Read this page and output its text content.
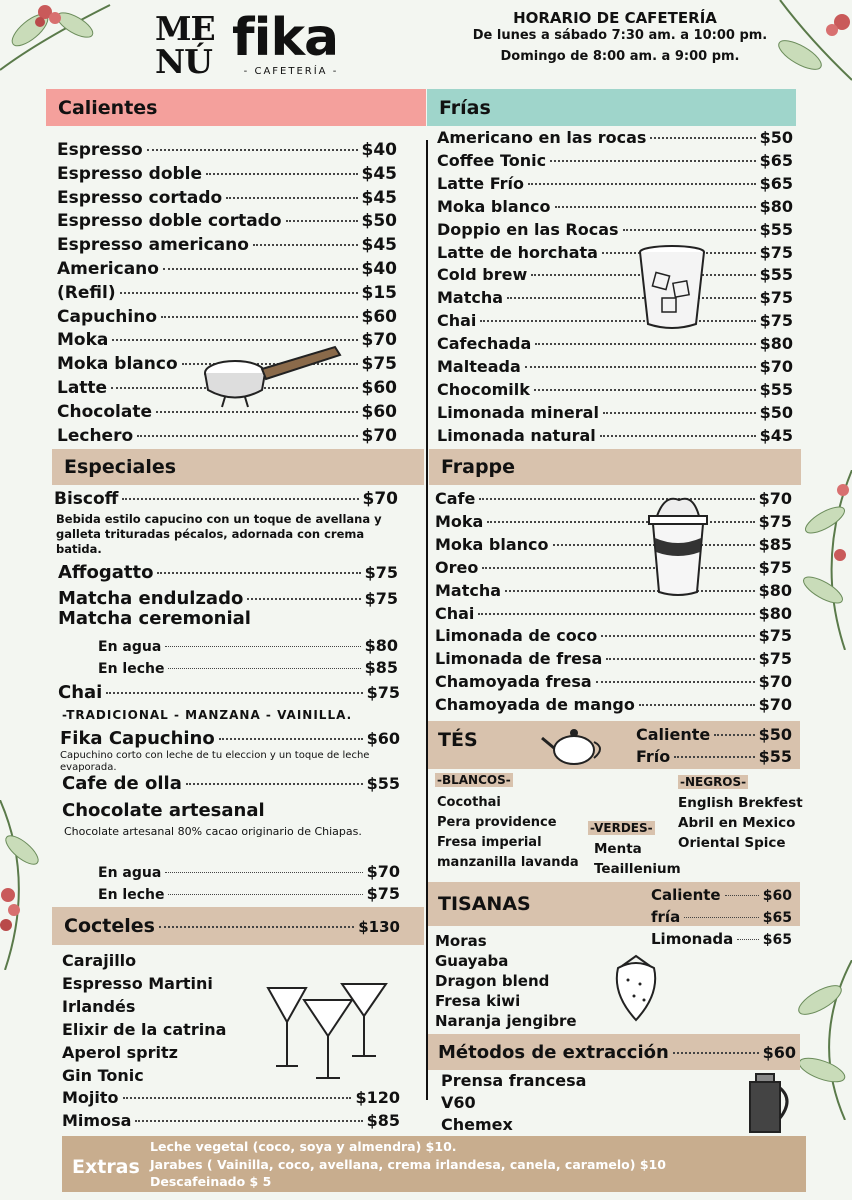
ME NÚ fika
- CAFETERÍA -
HORARIO DE CAFETERÍA
De lunes a sábado 7:30 am. a 10:00 pm.
Domingo de 8:00 am. a 9:00 pm.
Calientes	Frías
Especiales	Frappe
TÉS
TISANAS
Cocteles	$130
Métodos de extracción	$60
Espresso	$40
Espresso doble	$45
Espresso cortado	$45
Espresso doble cortado	$50
Espresso americano	$45
Americano	$40
(Refil)	$15
Capuchino	$60
Moka	$70
Moka blanco	$75
Latte	$60
Chocolate	$60
Lechero	$70
Americano en las rocas	$50
Coffee Tonic	$65
Latte Frío	$65
Moka blanco	$80
Doppio en las Rocas	$55
Latte de horchata	$75
Cold brew	$55
Matcha	$75
Chai	$75
Cafechada	$80
Malteada	$70
Chocomilk	$55
Limonada mineral	$50
Limonada natural	$45
Cafe	$70
Moka	$75
Moka blanco	$85
Oreo	$75
Matcha	$80
Chai	$80
Limonada de coco	$75
Limonada de fresa	$75
Chamoyada fresa	$70
Chamoyada de mango	$70
Biscoff	$70
Bebida estilo capucino con un toque de avellana y galleta trituradas pécalos, adornada con crema batida.
Affogatto	$75
Matcha endulzado	$75
Matcha ceremonial
En agua	$80
En leche	$85
Chai	$75
-TRADICIONAL - MANZANA - VAINILLA.
Fika Capuchino	$60
Capuchino corto con leche de tu eleccion y un toque de leche evaporada.
Cafe de olla	$55
Chocolate artesanal
Chocolate artesanal 80% cacao originario de Chiapas.
En agua	$70
En leche	$75
Caliente	$50
Frío	$55
-BLANCOS-
-VERDES-
-NEGROS-
Cocothai
Pera providence
Fresa imperial
manzanilla lavanda
Menta
Teaillenium
English Brekfest
Abril en Mexico
Oriental Spice
Caliente	$60
fría	$65
Limonada $65
Moras
Guayaba
Dragon blend
Fresa kiwi
Naranja jengibre
Carajillo
Espresso Martini
Irlandés
Elixir de la catrina
Aperol spritz
Gin Tonic
Mojito	$120
Mimosa	$85
Prensa francesa
V60
Chemex
Extras
Leche vegetal (coco, soya y almendra) $10.
Jarabes ( Vainilla, coco, avellana, crema irlandesa, canela, caramelo) $10
Descafeinado $ 5
